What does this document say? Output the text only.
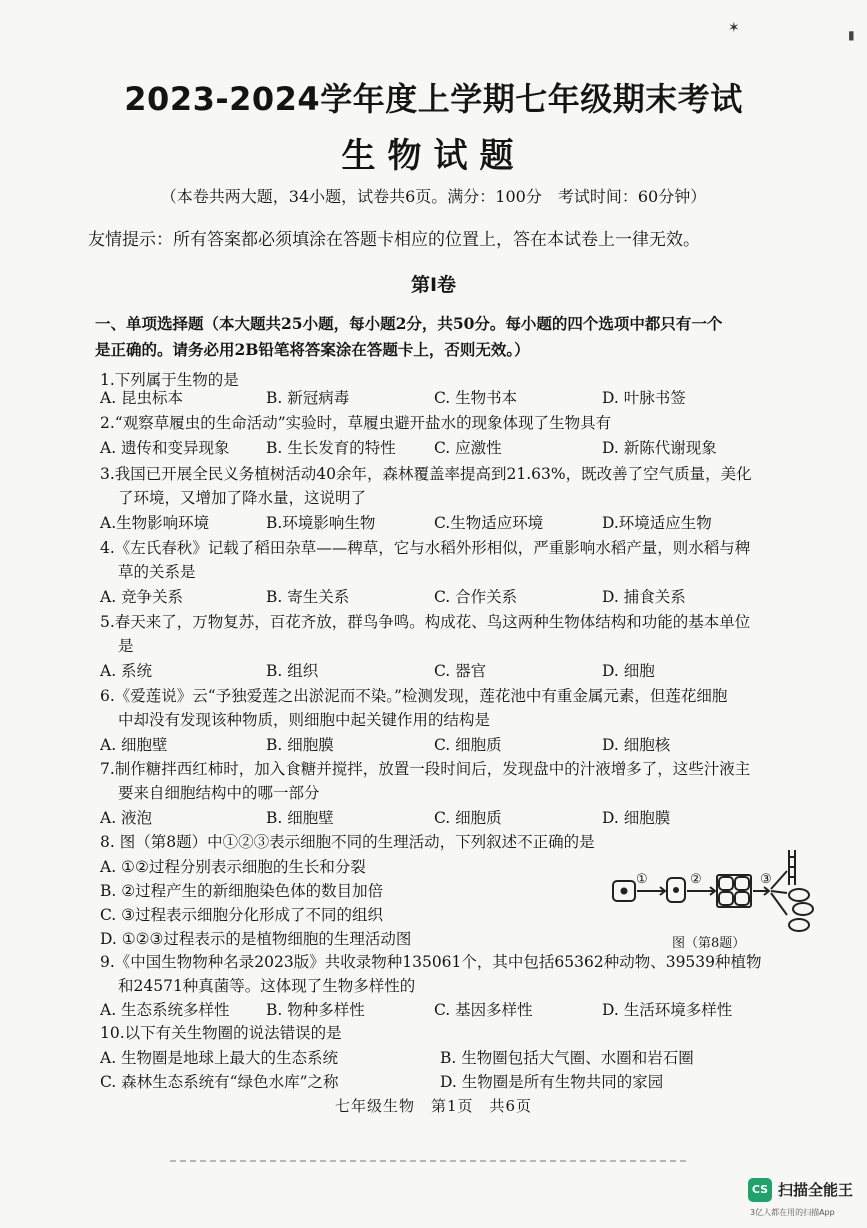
✶	▮
2023-2024学年度上学期七年级期末考试
生物试题
（本卷共两大题，34小题，试卷共6页。满分：100分　考试时间：60分钟）
友情提示：所有答案都必须填涂在答题卡相应的位置上，答在本试卷上一律无效。
第Ⅰ卷
一、单项选择题（本大题共25小题，每小题2分，共50分。每小题的四个选项中都只有一个
是正确的。请务必用2B铅笔将答案涂在答题卡上，否则无效。）
1.下列属于生物的是
A. 昆虫标本	B. 新冠病毒	C. 生物书本	D. 叶脉书签
2.“观察草履虫的生命活动”实验时，草履虫避开盐水的现象体现了生物具有
A. 遗传和变异现象 B. 生长发育的特性 C. 应激性	D. 新陈代谢现象
3.我国已开展全民义务植树活动40余年，森林覆盖率提高到21.63%，既改善了空气质量，美化
了环境，又增加了降水量，这说明了
A.生物影响环境	B.环境影响生物	C.生物适应环境	D.环境适应生物
4.《左氏春秋》记载了稻田杂草——稗草，它与水稻外形相似，严重影响水稻产量，则水稻与稗
草的关系是
A. 竞争关系	B. 寄生关系	C. 合作关系	D. 捕食关系
5.春天来了，万物复苏，百花齐放，群鸟争鸣。构成花、鸟这两种生物体结构和功能的基本单位
是
A. 系统	B. 组织	C. 器官	D. 细胞
6.《爱莲说》云“予独爱莲之出淤泥而不染。”检测发现，莲花池中有重金属元素，但莲花细胞
中却没有发现该种物质，则细胞中起关键作用的结构是
A. 细胞壁	B. 细胞膜	C. 细胞质	D. 细胞核
7.制作糖拌西红柿时，加入食糖并搅拌，放置一段时间后，发现盘中的汁液增多了，这些汁液主
要来自细胞结构中的哪一部分
A. 液泡	B. 细胞壁	C. 细胞质	D. 细胞膜
8. 图（第8题）中①②③表示细胞不同的生理活动，下列叙述不正确的是
A. ①②过程分别表示细胞的生长和分裂
B. ②过程产生的新细胞染色体的数目加倍
C. ③过程表示细胞分化形成了不同的组织
D. ①②③过程表示的是植物细胞的生理活动图
①	②	③
图（第8题）
9.《中国生物物种名录2023版》共收录物种135061个，其中包括65362种动物、39539种植物
和24571种真菌等。这体现了生物多样性的
A. 生态系统多样性 B. 物种多样性	C. 基因多样性	D. 生活环境多样性
10.以下有关生物圈的说法错误的是
A. 生物圈是地球上最大的生态系统	B. 生物圈包括大气圈、水圈和岩石圈
C. 森林生态系统有“绿色水库”之称	D. 生物圈是所有生物共同的家园
七年级生物　第1页　共6页
CS 扫描全能王
3亿人都在用的扫描App
